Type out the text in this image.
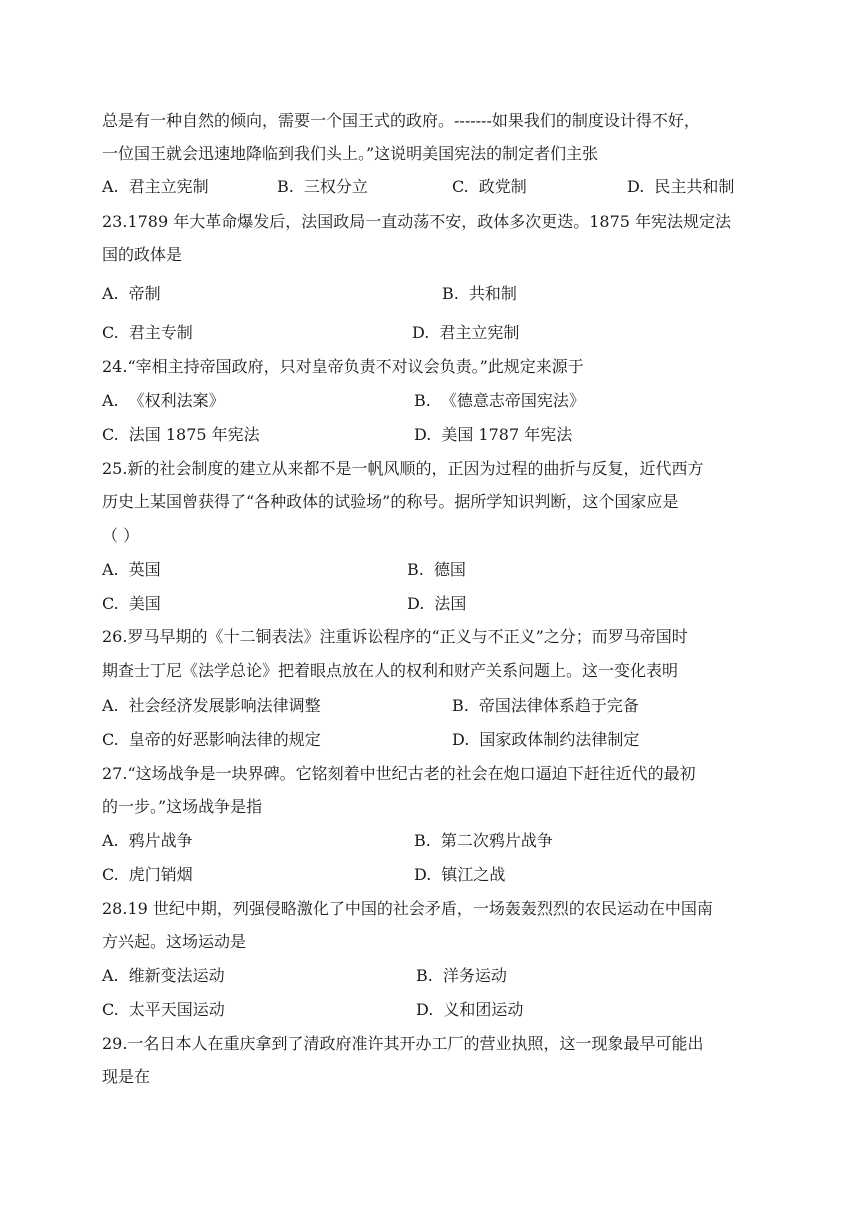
总是有一种自然的倾向，需要一个国王式的政府。-------如果我们的制度设计得不好，
一位国王就会迅速地降临到我们头上。”这说明美国宪法的制定者们主张
A. 君主立宪制	B. 三权分立	C. 政党制	D. 民主共和制
23.1789 年大革命爆发后，法国政局一直动荡不安，政体多次更迭。1875 年宪法规定法
国的政体是
A. 帝制	B. 共和制
C. 君主专制	D. 君主立宪制
24.“宰相主持帝国政府，只对皇帝负责不对议会负责。”此规定来源于
A. 《权利法案》	B. 《德意志帝国宪法》
C. 法国 1875 年宪法	D. 美国 1787 年宪法
25.新的社会制度的建立从来都不是一帆风顺的，正因为过程的曲折与反复，近代西方
历史上某国曾获得了“各种政体的试验场”的称号。据所学知识判断，这个国家应是
（ ）
A. 英国	B. 德国
C. 美国	D. 法国
26.罗马早期的《十二铜表法》注重诉讼程序的“正义与不正义”之分；而罗马帝国时
期查士丁尼《法学总论》把着眼点放在人的权利和财产关系问题上。这一变化表明
A. 社会经济发展影响法律调整	B. 帝国法律体系趋于完备
C. 皇帝的好恶影响法律的规定	D. 国家政体制约法律制定
27.“这场战争是一块界碑。它铭刻着中世纪古老的社会在炮口逼迫下赶往近代的最初
的一步。”这场战争是指
A. 鸦片战争	B. 第二次鸦片战争
C. 虎门销烟	D. 镇江之战
28.19 世纪中期，列强侵略激化了中国的社会矛盾，一场轰轰烈烈的农民运动在中国南
方兴起。这场运动是
A. 维新变法运动	B. 洋务运动
C. 太平天国运动	D. 义和团运动
29.一名日本人在重庆拿到了清政府准许其开办工厂的营业执照，这一现象最早可能出
现是在
